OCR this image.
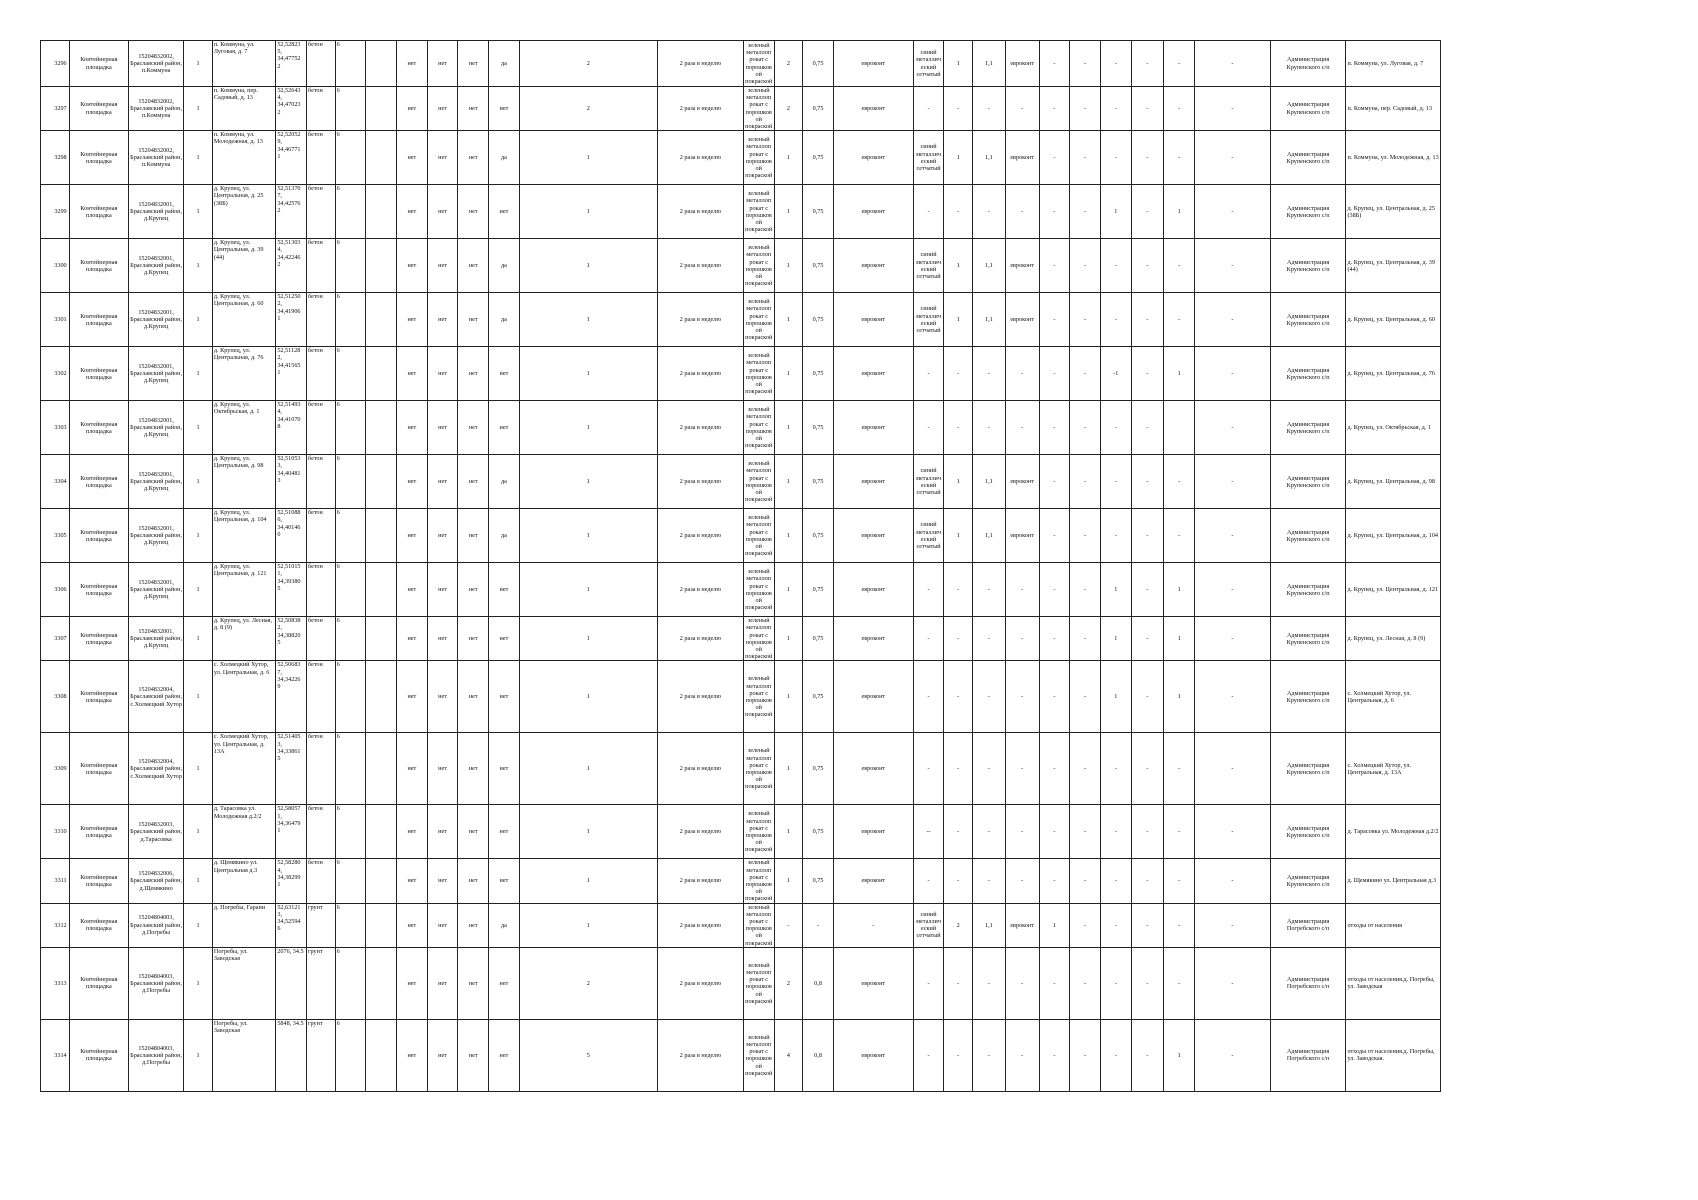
3296	Контейнерная площадка	15204832002, Браславский район, п.Коммуна	1	п. Коммуна, ул. Луговая, д. 7	52,52823 5, 34,47752 2	бетон	6		нет	нет	нет	да	2	2 раза в неделю	зеленый металлопрокат с порошковой покраской	2	0,75	евроконт	синий металлический сетчатый	1	1,1	евроконт	-	-	-	-	-	-	Администрация Крупенского с/п	п. Коммуна, ул. Луговая, д. 7
3297	Контейнерная площадка	15204832002, Браславский район, п.Коммуна	1	п. Коммуна, пер. Садовый, д. 13	52,52643 4, 34,47023 2	бетон	6		нет	нет	нет	нет	2	2 раза в неделю	зеленый металлопрокат с порошковой покраской	2	0,75	евроконт	-	-	-	-	-	-	-	-	-	-	Администрация Крупенского с/п	п. Коммуна, пер. Садовый, д. 13
3298	Контейнерная площадка	15204832002, Браславский район, п.Коммуна	1	п. Коммуна, ул. Молодежная, д. 13	52,52052 9, 34,46771 1	бетон	6		нет	нет	нет	да	1	2 раза в неделю	зеленый металлопрокат с порошковой покраской	1	0,75	евроконт	синий металлический сетчатый	1	1,1	евроконт	-	-	-	-	-	-	Администрация Крупенского с/п	п. Коммуна, ул. Молодежная, д. 13
3299	Контейнерная площадка	15204832001, Браславский район, д.Крупец	1	д. Крупец, ул. Центральная, д. 25 (38Б)	52,51370 7, 34,42576 2	бетон	6		нет	нет	нет	нет	1	2 раза в неделю	зеленый металлопрокат с порошковой покраской	1	0,75	евроконт	-	-	-	-	-	-	1	-	1	-	Администрация Крупенского с/п	д. Крупец, ул. Центральная, д. 25 (38Б)
3300	Контейнерная площадка	15204832001, Браславский район, д.Крупец	1	д. Крупец, ул. Центральная, д. 39 (44)	52,51303 4, 34,42246 2	бетон	6		нет	нет	нет	да	1	2 раза в неделю	зеленый металлопрокат с порошковой покраской	1	0,75	евроконт	синий металлический сетчатый	1	1,1	евроконт	-	-	-	-	-	-	Администрация Крупенского с/п	д. Крупец, ул. Центральная, д. 39 (44)
3301	Контейнерная площадка	15204832001, Браславский район, д.Крупец	1	д. Крупец, ул. Центральная, д. 60	52,51250 2, 34,41906 1	бетон	6		нет	нет	нет	да	1	2 раза в неделю	зеленый металлопрокат с порошковой покраской	1	0,75	евроконт	синий металлический сетчатый	1	1,1	евроконт	-	-	-	-	-	-	Администрация Крупенского с/п	д. Крупец, ул. Центральная, д. 60
3302	Контейнерная площадка	15204832001, Браславский район, д.Крупец	1	д. Крупец, ул. Центральная, д. 76	52,51128 2, 34,41565 1	бетон	6		нет	нет	нет	нет	1	2 раза в неделю	зеленый металлопрокат с порошковой покраской	1	0,75	евроконт	-	-	-	-	-	-	-1	-	1	-	Администрация Крупенского с/п	д. Крупец, ул. Центральная, д. 76
3303	Контейнерная площадка	15204832001, Браславский район, д.Крупец	1	д. Крупец, ул. Октябрьская, д. 1	52,51493 4, 34,41070 8	бетон	6		нет	нет	нет	нет	1	2 раза в неделю	зеленый металлопрокат с порошковой покраской	1	0,75	евроконт	-	-	-	-	-	-	-	-		-	Администрация Крупенского с/п	д. Крупец, ул. Октябрьская, д. 1
3304	Контейнерная площадка	15204832001, Браславский район, д.Крупец	1	д. Крупец, ул. Центральная, д. 98	52,51053 3, 34,40481 3	бетон	6		нет	нет	нет	да	1	2 раза в неделю	зеленый металлопрокат с порошковой покраской	1	0,75	евроконт	синий металлический сетчатый	1	1,1	евроконт	-	-	-	-	-	-	Администрация Крупенского с/п	д. Крупец, ул. Центральная, д. 98
3305	Контейнерная площадка	15204832001, Браславский район, д.Крупец	1	д. Крупец, ул. Центральная, д. 104	52,51088 6, 34,40146 0	бетон	6		нет	нет	нет	да	1	2 раза в неделю	зеленый металлопрокат с порошковой покраской	1	0,75	евроконт	синий металлический сетчатый	1	1,1	евроконт	-	-	-	-	-	-	Администрация Крупенского с/п	д. Крупец, ул. Центральная, д. 104
3306	Контейнерная площадка	15204832001, Браславский район, д.Крупец	1	д. Крупец, ул. Центральная, д. 121	52,51015 1, 34,39380 5	бетон	6		нет	нет	нет	нет	1	2 раза в неделю	зеленый металлопрокат с порошковой покраской	1	0,75	евроконт	-	-	-	-	-	-	1	-	1	-	Администрация Крупенского с/п	д. Крупец, ул. Центральная, д. 121
3307	Контейнерная площадка	15204832001, Браславский район, д.Крупец	1	д. Крупец, ул. Лесная, д. 8 (9)	52,50838 2, 34,38820 5	бетон	6		нет	нет	нет	нет	1	2 раза в неделю	зеленый металлопрокат с порошковой покраской	1	0,75	евроконт	-	-	-	-	-	-	1	-	1	-	Администрация Крупенского с/п	д. Крупец, ул. Лесная, д. 8 (9)
3308	Контейнерная площадка	15204832004, Браславский район, с.Холмецкий Хутор	1	с. Холмецкий Хутор, ул. Центральная, д. 6	52,50683 7, 34,34226 9	бетон	6		нет	нет	нет	нет	1	2 раза в неделю	зеленый металлопрокат с порошковой покраской	1	0,75	евроконт	-	-	-	-	-	-	1	-	1	-	Администрация Крупенского с/п	с. Холмецкий Хутор, ул. Центральная, д. 6
3309	Контейнерная площадка	15204832004, Браславский район, с.Холмецкий Хутор	1	с. Холмецкий Хутор, ул. Центральная, д. 13А	52,51405 3, 34,33861 5	бетон	6		нет	нет	нет	нет	1	2 раза в неделю	зеленый металлопрокат с порошковой покраской	1	0,75	евроконт	-	-	-	-	-	-	-	-	-	-	Администрация Крупенского с/п	с. Холмецкий Хутор, ул. Центральная, д. 13А
3310	Контейнерная площадка	15204832003, Браславский район, д.Тарасовка	1	д. Тарасовка ул. Молодежная д.2/2	52,58057 1, 34,36479 1	бетон	6		нет	нет	нет	нет	1	2 раза в неделю	зеленый металлопрокат с порошковой покраской	1	0,75	евроконт	--	-	-	-	-	-	-	-	-	-	Администрация Крупенского с/п	д. Тарасовка ул. Молодежная д.2/2
3311	Контейнерная площадка	15204832006, Браславский район, д.Щемякино	1	д. Щемякино ул. Центральная д.3	52,58280 4, 34,38299 1	бетон	6		нет	нет	нет	нет	1	2 раза в неделю	зеленый металлопрокат с порошковой покраской	1	0,75	евроконт	-	-	-	-	-	-	-	-	-	-	Администрация Крупенского с/п	д. Щемякино ул. Центральная д.3
3312	Контейнерная площадка	15204804003, Браславский район, д.Погребы	1	д. Погребы, Гарани	52,63121 3, 34,52594 6	грунт	6		нет	нет	нет	да	1	2 раза в неделю	зеленый металлопрокат с порошковой покраской	-	-	-	синий металлический сетчатый	2	1,1	евроконт	1	-	-	-	-	-	Администрация Погребского с/п	отходы от населения
3313	Контейнерная площадка	15204804003, Браславский район, д.Погребы	1	Погребы, ул. Заводская	2076, 34.5	грунт	6		нет	нет	нет	нет	2	2 раза в неделю	зеленый металлопрокат с порошковой покраской	2	0,8	евроконт	-	-	-	-	-	-	-	-	-	-	Администрация Погребского с/п	отходы от населения.д. Погребы, ул. Заводская
3314	Контейнерная площадка	15204804003, Браславский район, д.Погребы	1	Погребы, ул. Заводская	5848, 34.5	грунт	6		нет	нет	нет	нет	5	2 раза в неделю	зеленый металлопрокат с порошковой покраской	4	0,8	евроконт	-	-	-	-	-	-	-	-	1	-	Администрация Погребского с/п	отходы от населения.д. Погребы, ул. Заводская.
